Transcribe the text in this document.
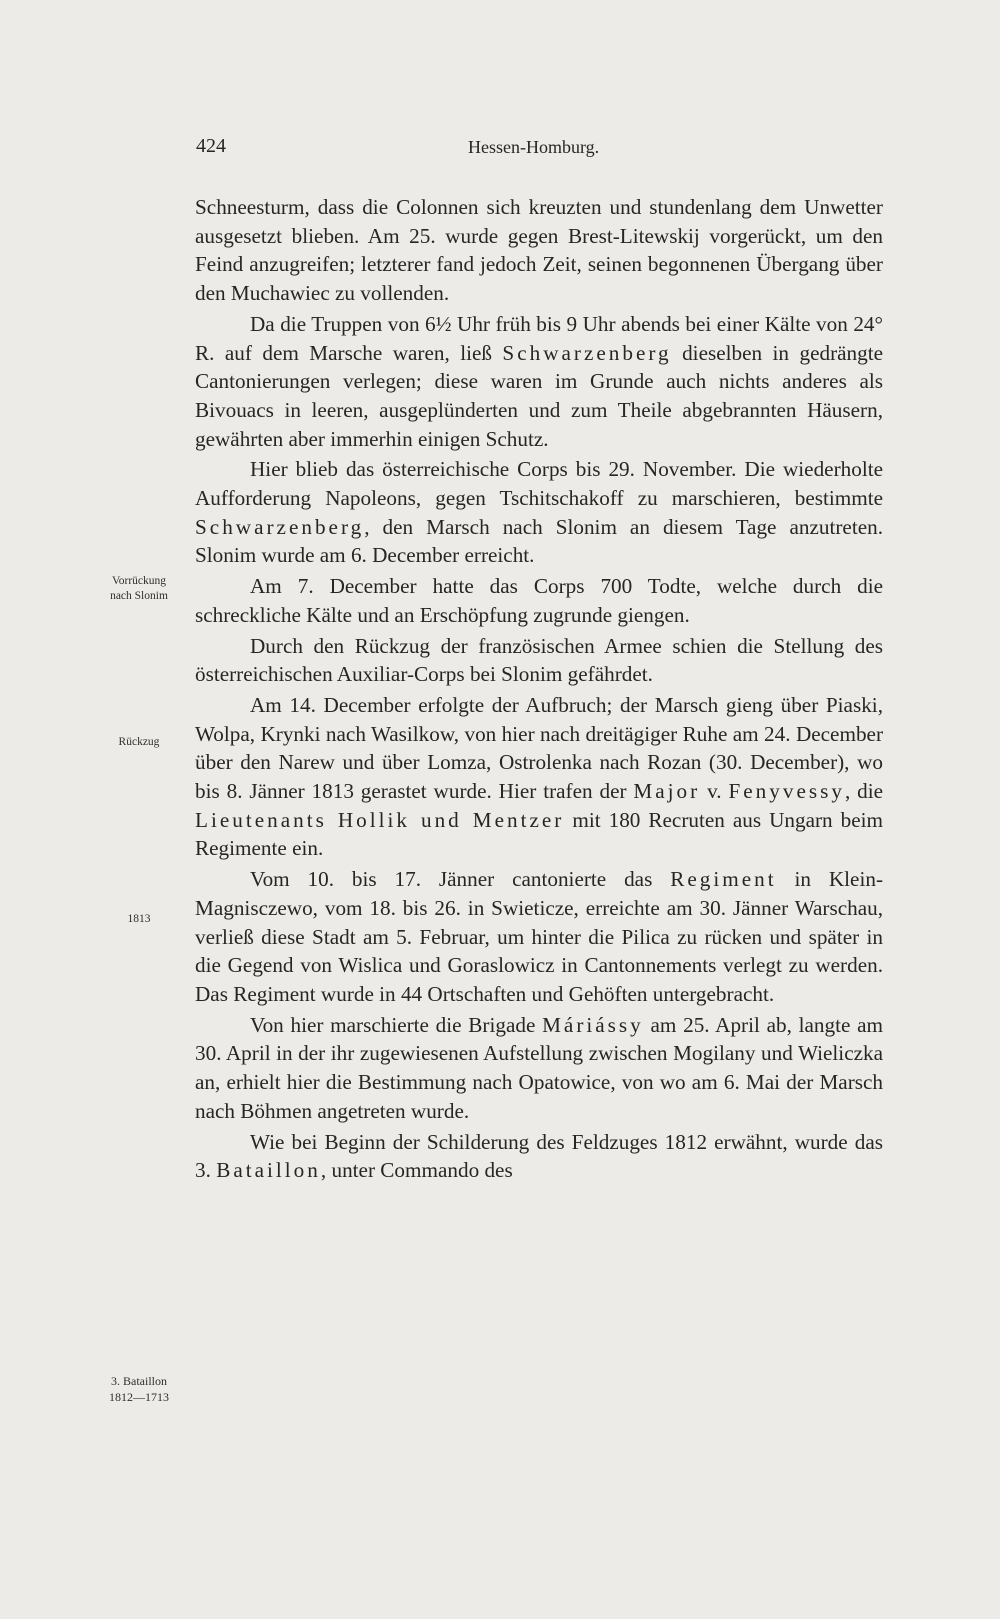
424	Hessen-Homburg.
Vorrückung
nach Slonim
Rückzug
1813
3. Bataillon
1812—1713

Schneesturm, dass die Colonnen sich kreuzten und stundenlang dem Unwetter ausgesetzt blieben. Am 25. wurde gegen Brest-Litewskij vorgerückt, um den Feind anzugreifen; letzterer fand jedoch Zeit, seinen begonnenen Übergang über den Muchawiec zu vollenden.

Da die Truppen von 6½ Uhr früh bis 9 Uhr abends bei einer Kälte von 24° R. auf dem Marsche waren, ließ Schwarzenberg dieselben in gedrängte Cantonierungen verlegen; diese waren im Grunde auch nichts anderes als Bivouacs in leeren, ausgeplünderten und zum Theile abgebrannten Häusern, gewährten aber immerhin einigen Schutz.

Hier blieb das österreichische Corps bis 29. November. Die wiederholte Aufforderung Napoleons, gegen Tschitschakoff zu marschieren, bestimmte Schwarzenberg, den Marsch nach Slonim an diesem Tage anzutreten. Slonim wurde am 6. December erreicht.

Am 7. December hatte das Corps 700 Todte, welche durch die schreckliche Kälte und an Erschöpfung zugrunde giengen.

Durch den Rückzug der französischen Armee schien die Stellung des österreichischen Auxiliar-Corps bei Slonim gefährdet.

Am 14. December erfolgte der Aufbruch; der Marsch gieng über Piaski, Wolpa, Krynki nach Wasilkow, von hier nach dreitägiger Ruhe am 24. December über den Narew und über Lomza, Ostrolenka nach Rozan (30. December), wo bis 8. Jänner 1813 gerastet wurde. Hier trafen der Major v. Fenyvessy, die Lieutenants Hollik und Mentzer mit 180 Recruten aus Ungarn beim Regimente ein.

Vom 10. bis 17. Jänner cantonierte das Regiment in Klein-Magnisczewo, vom 18. bis 26. in Swieticze, erreichte am 30. Jänner Warschau, verließ diese Stadt am 5. Februar, um hinter die Pilica zu rücken und später in die Gegend von Wislica und Goraslowicz in Cantonnements verlegt zu werden. Das Regiment wurde in 44 Ortschaften und Gehöften untergebracht.

Von hier marschierte die Brigade Máriássy am 25. April ab, langte am 30. April in der ihr zugewiesenen Aufstellung zwischen Mogilany und Wieliczka an, erhielt hier die Bestimmung nach Opatowice, von wo am 6. Mai der Marsch nach Böhmen angetreten wurde.

Wie bei Beginn der Schilderung des Feldzuges 1812 erwähnt, wurde das 3. Bataillon, unter Commando des
